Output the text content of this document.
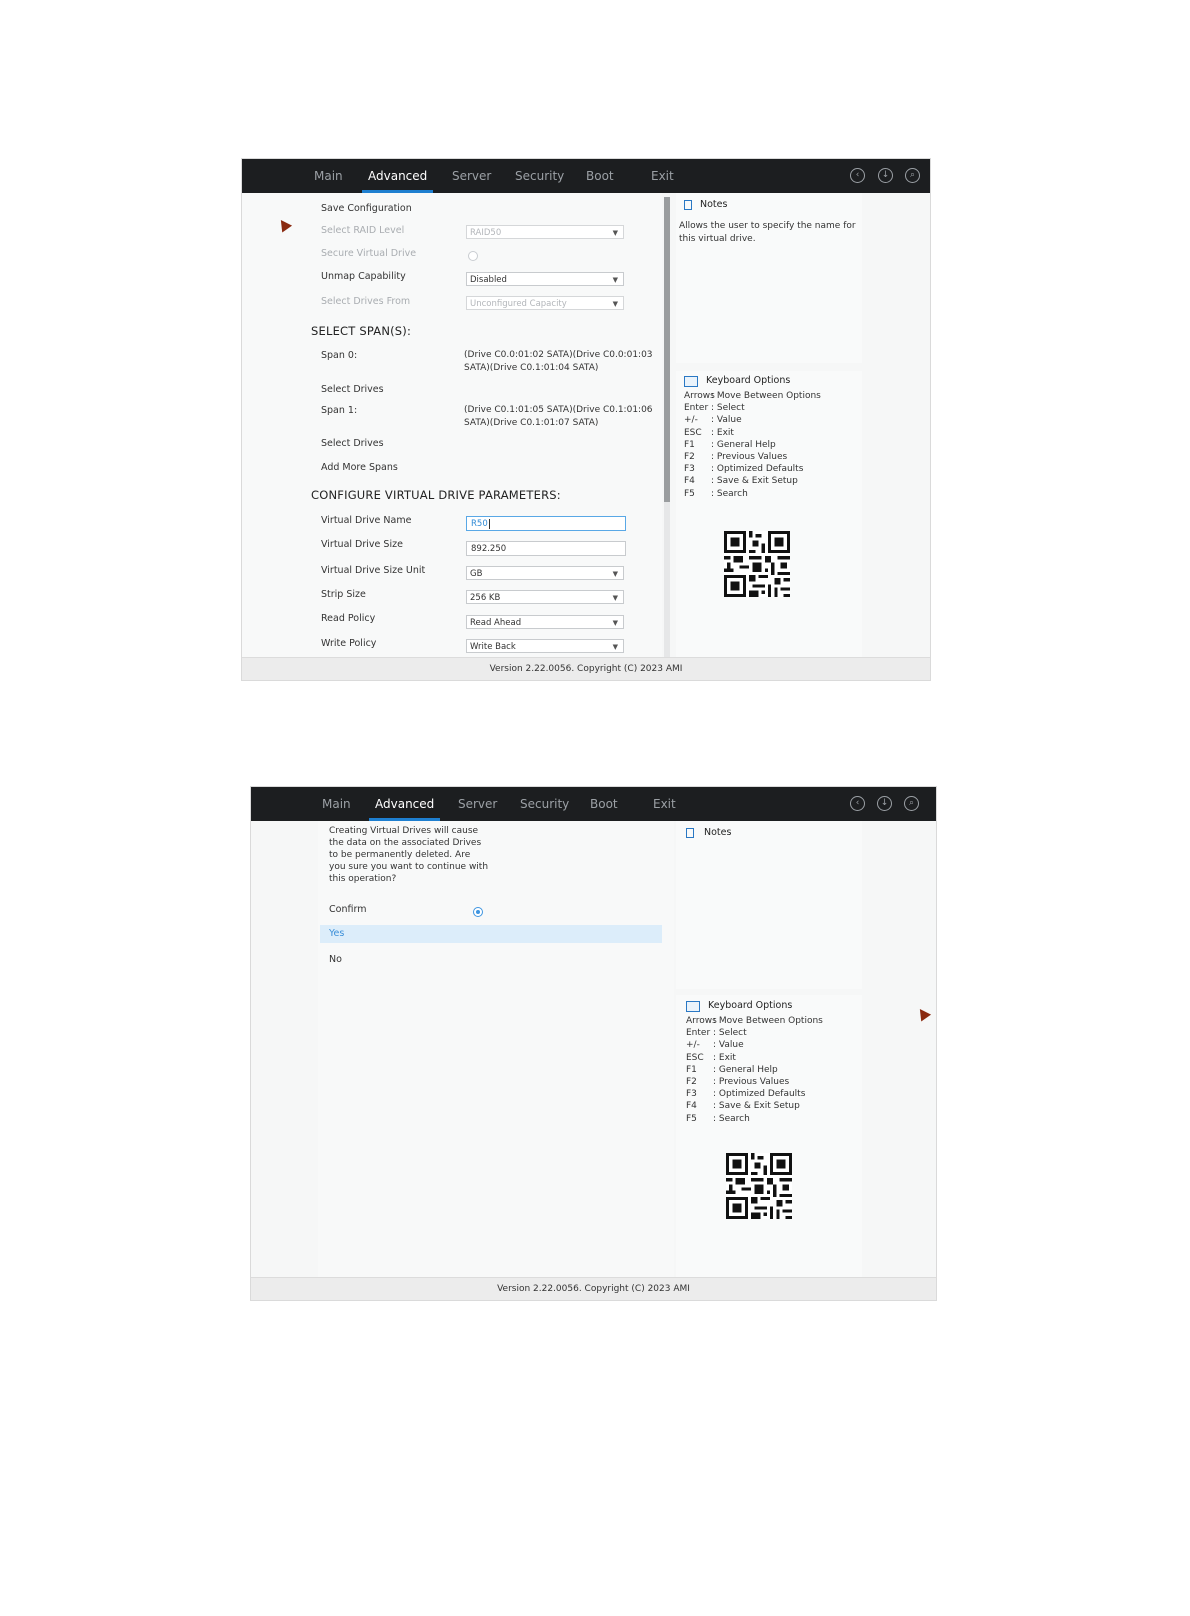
Main Advanced Server Security Boot	Exit	‹	↓	⌕
Save Configuration
Select RAID Level	RAID50	▼
Secure Virtual Drive
Unmap Capability	Disabled	▼
Select Drives From	Unconfigured Capacity	▼
SELECT SPAN(S):
Span 0:	(Drive C0.0:01:02 SATA)(Drive C0.0:01:03 SATA)(Drive C0.1:01:04 SATA)
Select Drives
Span 1:	(Drive C0.1:01:05 SATA)(Drive C0.1:01:06 SATA)(Drive C0.1:01:07 SATA)
Select Drives
Add More Spans
CONFIGURE VIRTUAL DRIVE PARAMETERS:
Virtual Drive Name	R50
Virtual Drive Size	892.250
Virtual Drive Size Unit	GB	▼
Strip Size	256 KB	▼
Read Policy	Read Ahead	▼
Write Policy	Write Back	▼
Notes
Allows the user to specify the name for this virtual drive.
Keyboard Options
Arrows: Move Between Options
Enter : Select
+/- : Value
ESC : Exit
F1 : General Help
F2 : Previous Values
F3 : Optimized Defaults
F4 : Save & Exit Setup
F5 : Search
Version 2.22.0056. Copyright (C) 2023 AMI
Main Advanced Server Security Boot	Exit	‹	↓	⌕
Creating Virtual Drives will cause the data on the associated Drives to be permanently deleted. Are you sure you want to continue with this operation?
Confirm
Yes
No
Notes
Keyboard Options
Arrows: Move Between Options
Enter : Select
+/- : Value
ESC : Exit
F1 : General Help
F2 : Previous Values
F3 : Optimized Defaults
F4 : Save & Exit Setup
F5 : Search
Version 2.22.0056. Copyright (C) 2023 AMI
